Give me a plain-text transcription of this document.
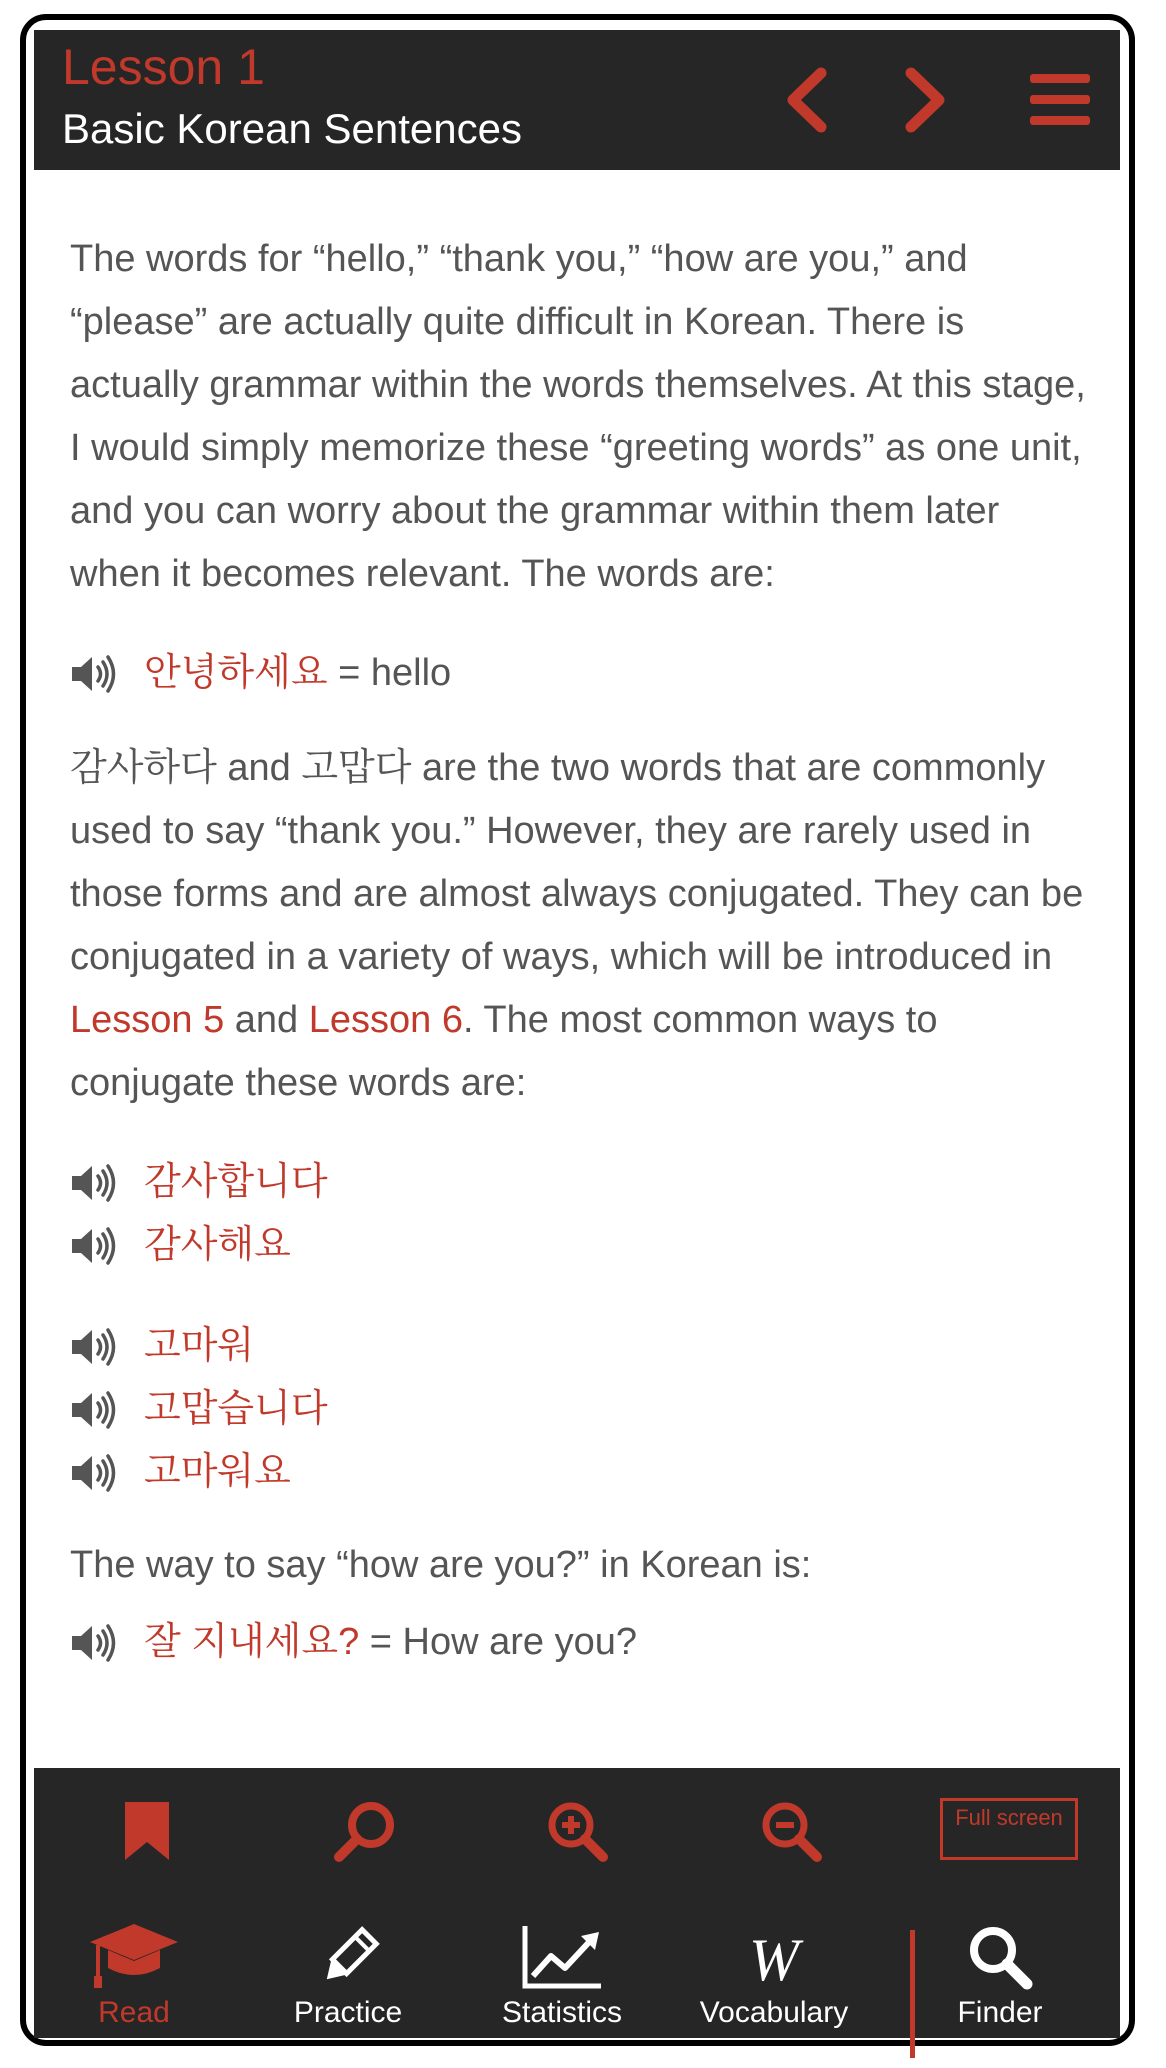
Lesson 1
Basic Korean Sentences
The words for “hello,” “thank you,” “how are you,” and “please” are actually quite difficult in Korean. There is actually grammar within the words themselves. At this stage, I would simply memorize these “greeting words” as one unit, and you can worry about the grammar within them later when it becomes relevant. The words are:
안녕하세요 = hello
감사하다 and 고맙다 are the two words that are commonly used to say “thank you.” However, they are rarely used in those forms and are almost always conjugated. They can be conjugated in a variety of ways, which will be introduced in Lesson 5 and Lesson 6. The most common ways to conjugate these words are:
감사합니다
감사해요
고마워
고맙습니다
고마워요
The way to say “how are you?” in Korean is:
잘 지내세요? = How are you?
Full screen
Read	Practice	Statistics
W
Vocabulary	Finder
